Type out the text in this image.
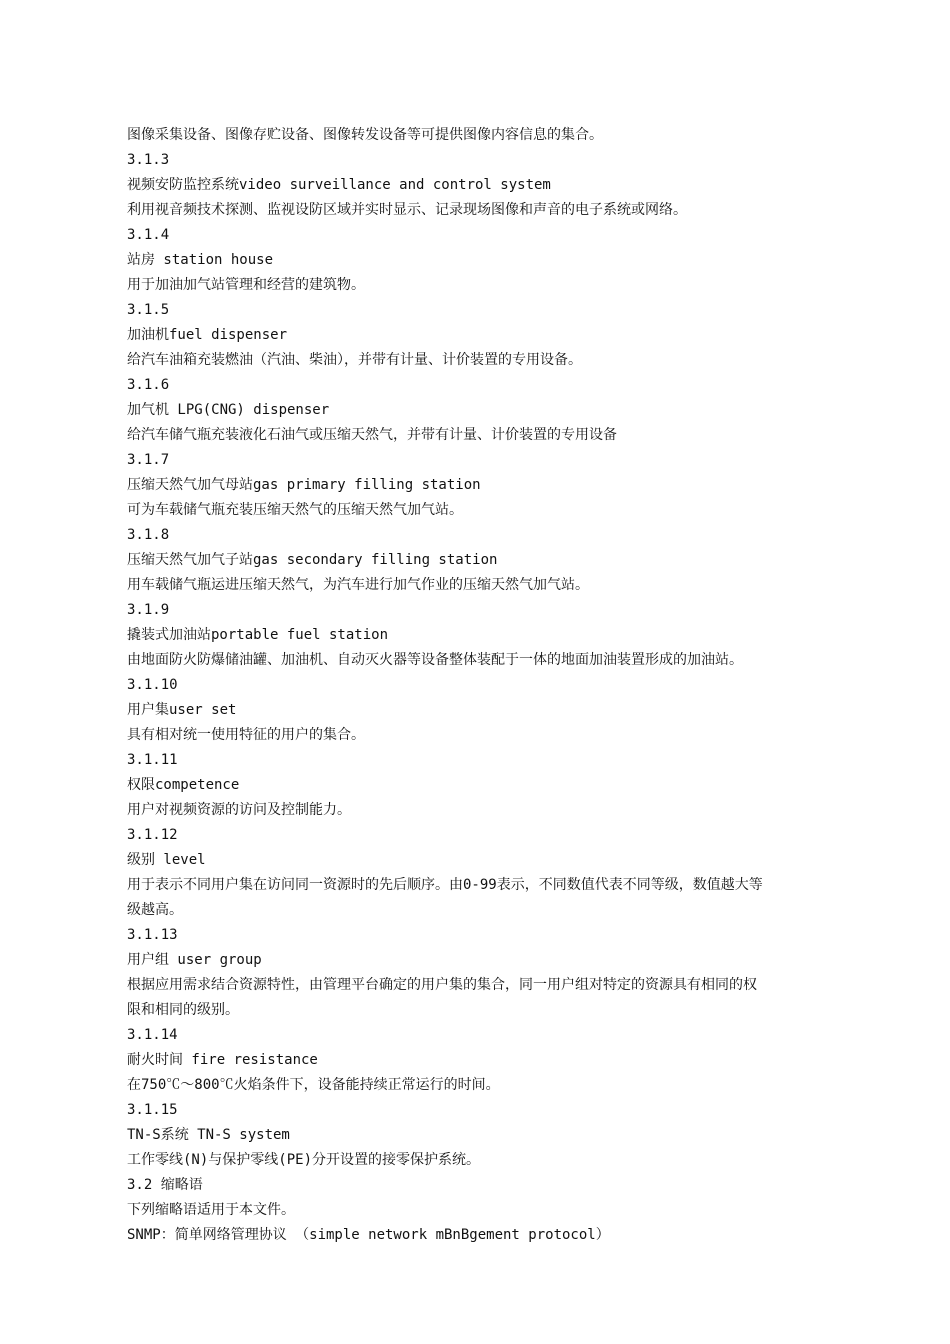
图像采集设备、图像存贮设备、图像转发设备等可提供图像内容信息的集合。

3.1.3

视频安防监控系统video surveillance and control system

利用视音频技术探测、监视设防区域并实时显示、记录现场图像和声音的电子系统或网络。

3.1.4

站房 station house

用于加油加气站管理和经营的建筑物。

3.1.5

加油机fuel dispenser

给汽车油箱充装燃油（汽油、柴油），并带有计量、计价装置的专用设备。

3.1.6

加气机 LPG(CNG) dispenser

给汽车储气瓶充装液化石油气或压缩天然气，并带有计量、计价装置的专用设备

3.1.7

压缩天然气加气母站gas primary filling station

可为车载储气瓶充装压缩天然气的压缩天然气加气站。

3.1.8

压缩天然气加气子站gas secondary filling station

用车载储气瓶运进压缩天然气，为汽车进行加气作业的压缩天然气加气站。

3.1.9

撬装式加油站portable fuel station

由地面防火防爆储油罐、加油机、自动灭火器等设备整体装配于一体的地面加油装置形成的加油站。

3.1.10

用户集user set

具有相对统一使用特征的用户的集合。

3.1.11

权限competence

用户对视频资源的访问及控制能力。

3.1.12

级别 level

用于表示不同用户集在访问同一资源时的先后顺序。由0-99表示，不同数值代表不同等级，数值越大等

级越高。

3.1.13

用户组 user group

根据应用需求结合资源特性，由管理平台确定的用户集的集合，同一用户组对特定的资源具有相同的权

限和相同的级别。

3.1.14

耐火时间 fire resistance

在750℃～800℃火焰条件下，设备能持续正常运行的时间。

3.1.15

TN-S系统 TN-S system

工作零线(N)与保护零线(PE)分开设置的接零保护系统。

3.2 缩略语

下列缩略语适用于本文件。

SNMP：简单网络管理协议 （simple network mBnBgement protocol）
